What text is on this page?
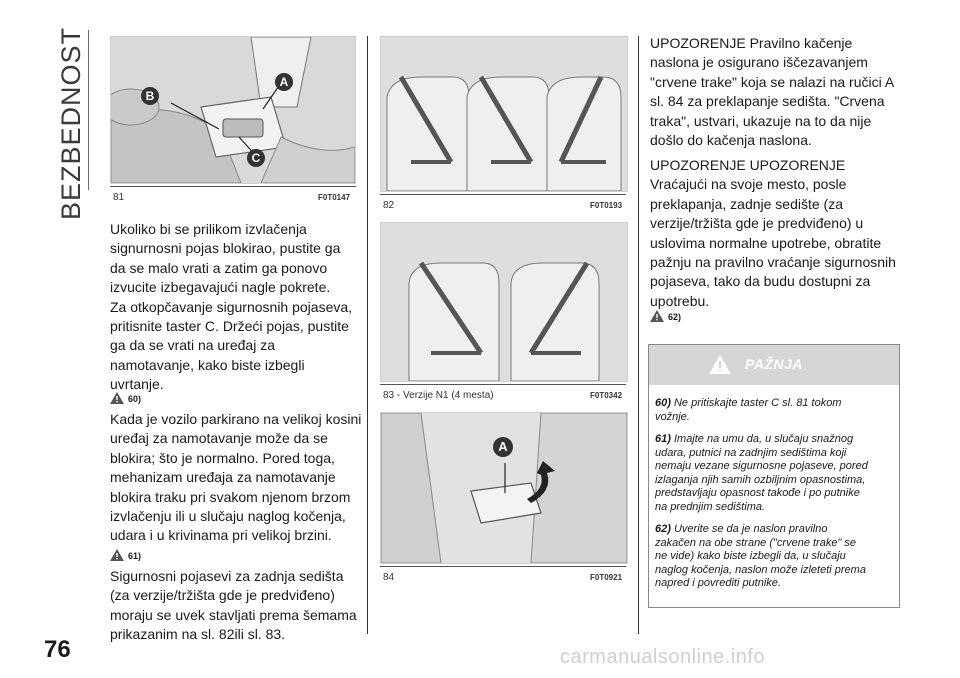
BEZBEDNOST	B
A
C
81	F0T0147

Ukoliko bi se prilikom izvlačenja
signurnosni pojas blokirao, pustite ga
da se malo vrati a zatim ga ponovo
izvucite izbegavajući nagle pokrete.
Za otkopčavanje sigurnosnih pojaseva,
pritisnite taster C. Držeći pojas, pustite
ga da se vrati na uređaj za
namotavanje, kako biste izbegli
uvrtanje.

60)

Kada je vozilo parkirano na velikoj kosini
uređaj za namotavanje može da se
blokira; što je normalno. Pored toga,
mehanizam uređaja za namotavanje
blokira traku pri svakom njenom brzom
izvlačenju ili u slučaju naglog kočenja,
udara i u krivinama pri velikoj brzini.

61)

Sigurnosni pojasevi za zadnja sedišta
(za verzije/tržišta gde je predviđeno)
moraju se uvek stavljati prema šemama
prikazanim na sl. 82ili sl. 83.

82	F0T0193
83 - Verzije N1 (4 mesta)	F0T0342
A
84	F0T0921

UPOZORENJE Pravilno kačenje
naslona je osigurano iščezavanjem
"crvene trake" koja se nalazi na ručici A
sl. 84 za preklapanje sedišta. "Crvena
traka", ustvari, ukazuje na to da nije
došlo do kačenja naslona.

UPOZORENJE UPOZORENJE
Vraćajući na svoje mesto, posle
preklapanja, zadnje sedište (za
verzije/tržišta gde je predviđeno) u
uslovima normalne upotrebe, obratite
pažnju na pravilno vraćanje sigurnosnih
pojaseva, tako da budu dostupni za
upotrebu.

62)
PAŽNJA

60) Ne pritiskajte taster C sl. 81 tokom
vožnje.

61) Imajte na umu da, u slučaju snažnog
udara, putnici na zadnjim sedištima koji
nemaju vezane sigurnosne pojaseve, pored
izlaganja njih samih ozbiljnim opasnostima,
predstavljaju opasnost takođe i po putnike
na prednjim sedištima.

62) Uverite se da je naslon pravilno
zakačen na obe strane ("crvene trake" se
ne vide) kako biste izbegli da, u slučaju
naglog kočenja, naslon može izleteti prema
napred i povrediti putnike.

76	carmanualsonline.info
